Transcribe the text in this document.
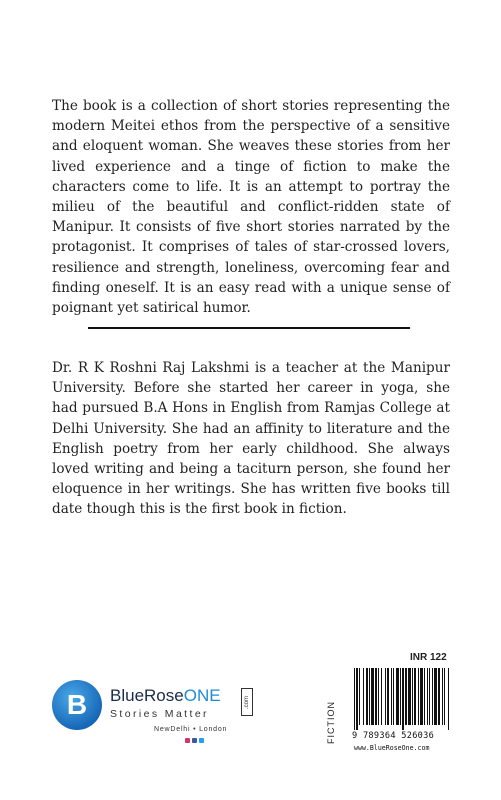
The book is a collection of short stories representing the modern Meitei ethos from the perspective of a sensitive and eloquent woman. She weaves these stories from her lived experience and a tinge of fiction to make the characters come to life. It is an attempt to portray the milieu of the beautiful and conflict-ridden state of Manipur. It consists of five short stories narrated by the protagonist. It comprises of tales of star-crossed lovers, resilience and strength, loneliness, overcoming fear and finding oneself. It is an easy read with a unique sense of poignant yet satirical humor.

Dr. R K Roshni Raj Lakshmi is a teacher at the Manipur University. Before she started her career in yoga, she had pursued B.A Hons in English from Ramjas College at Delhi University. She had an affinity to literature and the English poetry from her early childhood. She always loved writing and being a taciturn person, she found her eloquence in her writings. She has written five books till date though this is the first book in fiction.

INR 122
B BlueRoseONE	.com
Stories Matter
NewDelhi • London	FICTION	9 789364 526036
www.BlueRoseOne.com
